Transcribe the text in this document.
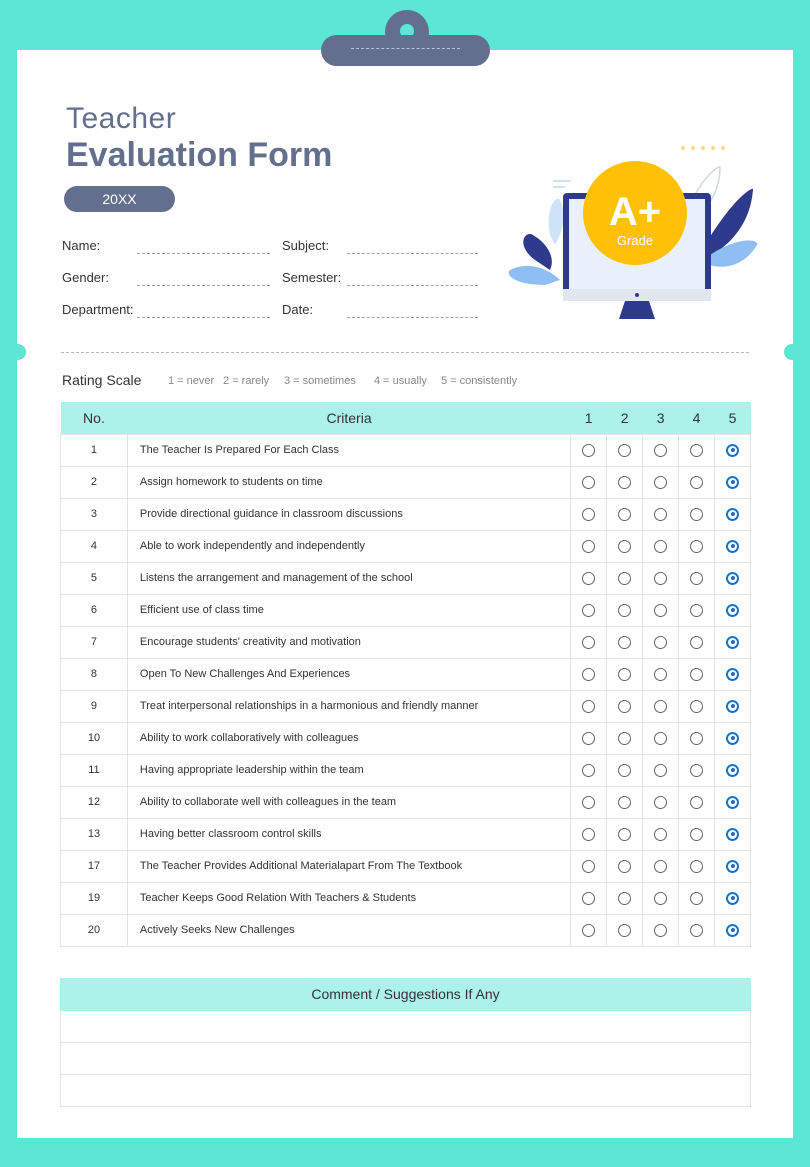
Teacher
Evaluation Form
20XX
Name:	Subject:
Gender:	Semester:
Department:	Date:
A+
Grade
Rating Scale 1 = never 2 = rarely 3 = sometimes 4 = usually 5 = consistently
No.	Criteria	1	2	3	4	5
1	The Teacher Is Prepared For Each Class					
2	Assign homework to students on time					
3	Provide directional guidance in classroom discussions					
4	Able to work independently and independently					
5	Listens the arrangement and management of the school					
6	Efficient use of class time					
7	Encourage students' creativity and motivation					
8	Open To New Challenges And Experiences					
9	Treat interpersonal relationships in a harmonious and friendly manner					
10	Ability to work collaboratively with colleagues					
11	Having appropriate leadership within the team					
12	Ability to collaborate well with colleagues in the team					
13	Having better classroom control skills					
17	The Teacher Provides Additional Materialapart From The Textbook					
19	Teacher Keeps Good Relation With Teachers & Students					
20	Actively Seeks New Challenges					
Comment / Suggestions If Any
